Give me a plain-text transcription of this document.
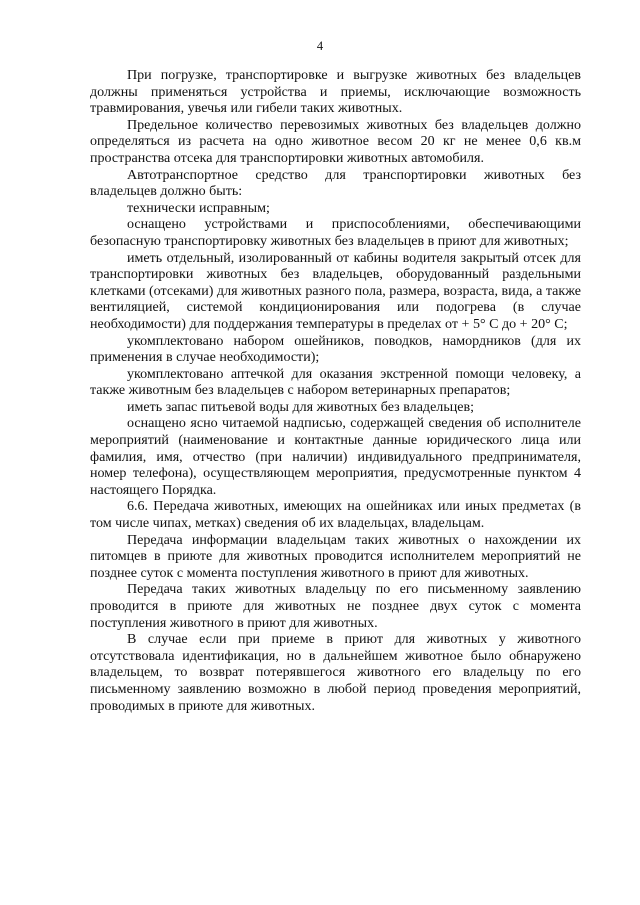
4

При погрузке, транспортировке и выгрузке животных без владельцев должны применяться устройства и приемы, исключающие возможность травмирования, увечья или гибели таких животных.

Предельное количество перевозимых животных без владельцев должно определяться из расчета на одно животное весом 20 кг не менее 0,6 кв.м пространства отсека для транспортировки животных автомобиля.

Автотранспортное средство для транспортировки животных без владельцев должно быть:

технически исправным;

оснащено устройствами и приспособлениями, обеспечивающими безопасную транспортировку животных без владельцев в приют для животных;

иметь отдельный, изолированный от кабины водителя закрытый отсек для транспортировки животных без владельцев, оборудованный раздельными клетками (отсеками) для животных разного пола, размера, возраста, вида, а также вентиляцией, системой кондиционирования или подогрева (в случае необходимости) для поддержания температуры в пределах от + 5° С до + 20° С;

укомплектовано набором ошейников, поводков, намордников (для их применения в случае необходимости);

укомплектовано аптечкой для оказания экстренной помощи человеку, а также животным без владельцев с набором ветеринарных препаратов;

иметь запас питьевой воды для животных без владельцев;

оснащено ясно читаемой надписью, содержащей сведения об исполнителе мероприятий (наименование и контактные данные юридического лица или фамилия, имя, отчество (при наличии) индивидуального предпринимателя, номер телефона), осуществляющем мероприятия, предусмотренные пунктом 4 настоящего Порядка.

6.6. Передача животных, имеющих на ошейниках или иных предметах (в том числе чипах, метках) сведения об их владельцах, владельцам.

Передача информации владельцам таких животных о нахождении их питомцев в приюте для животных проводится исполнителем мероприятий не позднее суток с момента поступления животного в приют для животных.

Передача таких животных владельцу по его письменному заявлению проводится в приюте для животных не позднее двух суток с момента поступления животного в приют для животных.

В случае если при приеме в приют для животных у животного отсутствовала идентификация, но в дальнейшем животное было обнаружено владельцем, то возврат потерявшегося животного его владельцу по его письменному заявлению возможно в любой период проведения мероприятий, проводимых в приюте для животных.
